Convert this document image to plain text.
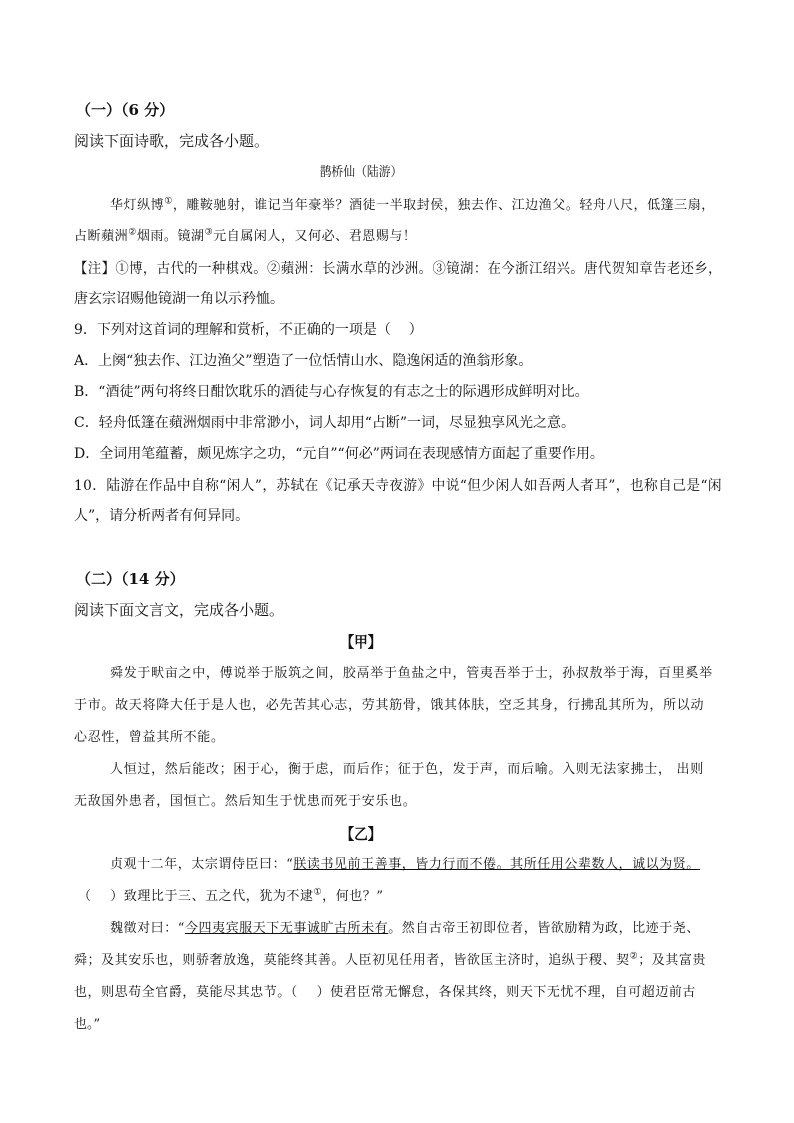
（一）（6 分）
阅读下面诗歌，完成各小题。
鹊桥仙（陆游）
华灯纵博①，雕鞍驰射，谁记当年豪举？酒徒一半取封侯，独去作、江边渔父。轻舟八尺，低篷三扇，
占断蘋洲②烟雨。镜湖③元自属闲人，又何必、君恩赐与！
【注】①博，古代的一种棋戏。②蘋洲：长满水草的沙洲。③镜湖：在今浙江绍兴。唐代贺知章告老还乡，
唐玄宗诏赐他镜湖一角以示矜恤。
9．下列对这首词的理解和赏析，不正确的一项是（    ）
A．上阕“独去作、江边渔父”塑造了一位恬情山水、隐逸闲适的渔翁形象。
B．“酒徒”两句将终日酣饮耽乐的酒徒与心存恢复的有志之士的际遇形成鲜明对比。
C．轻舟低篷在蘋洲烟雨中非常渺小，词人却用“占断”一词，尽显独享风光之意。
D．全词用笔蕴蓄，颇见炼字之功，“元自”“何必”两词在表现感情方面起了重要作用。
10．陆游在作品中自称“闲人”，苏轼在《记承天寺夜游》中说“但少闲人如吾两人者耳”，也称自己是“闲
人”，请分析两者有何异同。
（二）（14 分）
阅读下面文言文，完成各小题。
【甲】
舜发于畎亩之中，傅说举于版筑之间，胶鬲举于鱼盐之中，管夷吾举于士，孙叔敖举于海，百里奚举
于市。故天将降大任于是人也，必先苦其心志，劳其筋骨，饿其体肤，空乏其身，行拂乱其所为，所以动
心忍性，曾益其所不能。
人恒过，然后能改；困于心，衡于虑，而后作；征于色，发于声，而后喻。入则无法家拂士， 出则
无敌国外患者，国恒亡。然后知生于忧患而死于安乐也。
【乙】
贞观十二年，太宗谓侍臣曰：“朕读书见前王善事，皆力行而不倦。其所任用公辈数人，诚以为贤。
（    ）致理比于三、五之代，犹为不逮①，何也？”
魏徵对曰：“今四夷宾服天下无事诚旷古所未有。然自古帝王初即位者，皆欲励精为政，比迹于尧、
舜；及其安乐也，则骄奢放逸，莫能终其善。人臣初见任用者，皆欲匡主济时，追纵于稷、契②；及其富贵
也，则思苟全官爵，莫能尽其忠节。（    ）使君臣常无懈怠，各保其终，则天下无忧不理，自可超迈前古
也。”
